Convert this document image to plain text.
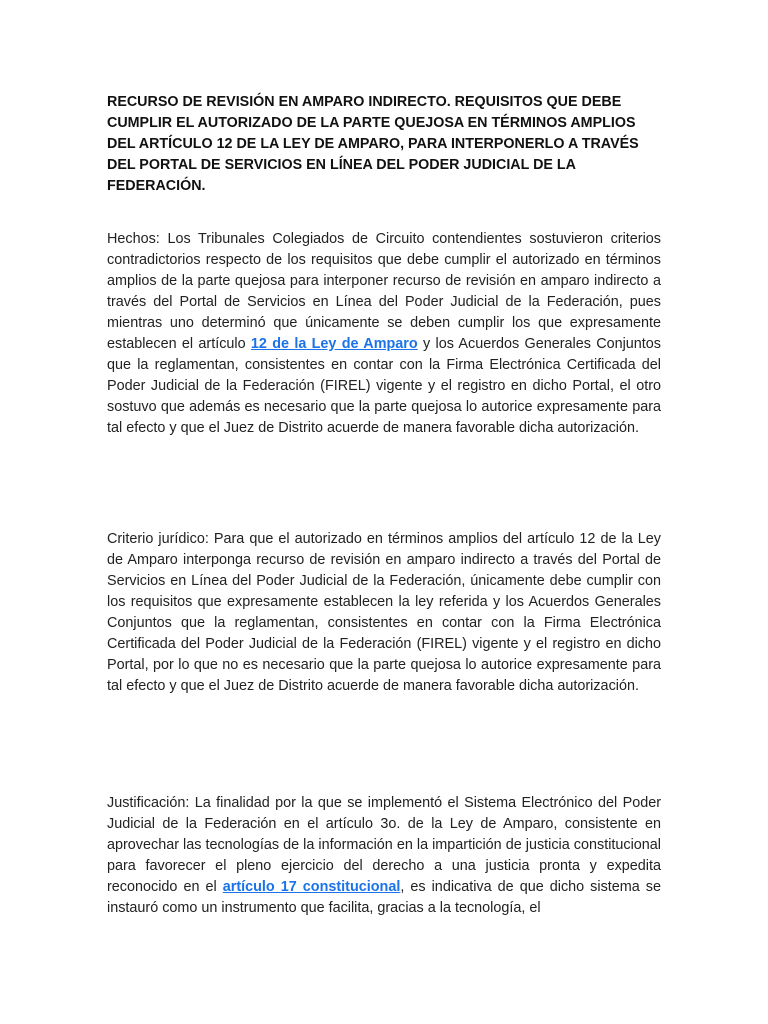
RECURSO DE REVISIÓN EN AMPARO INDIRECTO. REQUISITOS QUE DEBE CUMPLIR EL AUTORIZADO DE LA PARTE QUEJOSA EN TÉRMINOS AMPLIOS DEL ARTÍCULO 12 DE LA LEY DE AMPARO, PARA INTERPONERLO A TRAVÉS DEL PORTAL DE SERVICIOS EN LÍNEA DEL PODER JUDICIAL DE LA FEDERACIÓN.

Hechos: Los Tribunales Colegiados de Circuito contendientes sostuvieron criterios contradictorios respecto de los requisitos que debe cumplir el autorizado en términos amplios de la parte quejosa para interponer recurso de revisión en amparo indirecto a través del Portal de Servicios en Línea del Poder Judicial de la Federación, pues mientras uno determinó que únicamente se deben cumplir los que expresamente establecen el artículo 12 de la Ley de Amparo y los Acuerdos Generales Conjuntos que la reglamentan, consistentes en contar con la Firma Electrónica Certificada del Poder Judicial de la Federación (FIREL) vigente y el registro en dicho Portal, el otro sostuvo que además es necesario que la parte quejosa lo autorice expresamente para tal efecto y que el Juez de Distrito acuerde de manera favorable dicha autorización.

Criterio jurídico: Para que el autorizado en términos amplios del artículo 12 de la Ley de Amparo interponga recurso de revisión en amparo indirecto a través del Portal de Servicios en Línea del Poder Judicial de la Federación, únicamente debe cumplir con los requisitos que expresamente establecen la ley referida y los Acuerdos Generales Conjuntos que la reglamentan, consistentes en contar con la Firma Electrónica Certificada del Poder Judicial de la Federación (FIREL) vigente y el registro en dicho Portal, por lo que no es necesario que la parte quejosa lo autorice expresamente para tal efecto y que el Juez de Distrito acuerde de manera favorable dicha autorización.

Justificación: La finalidad por la que se implementó el Sistema Electrónico del Poder Judicial de la Federación en el artículo 3o. de la Ley de Amparo, consistente en aprovechar las tecnologías de la información en la impartición de justicia constitucional para favorecer el pleno ejercicio del derecho a una justicia pronta y expedita reconocido en el artículo 17 constitucional, es indicativa de que dicho sistema se instauró como un instrumento que facilita, gracias a la tecnología, el
